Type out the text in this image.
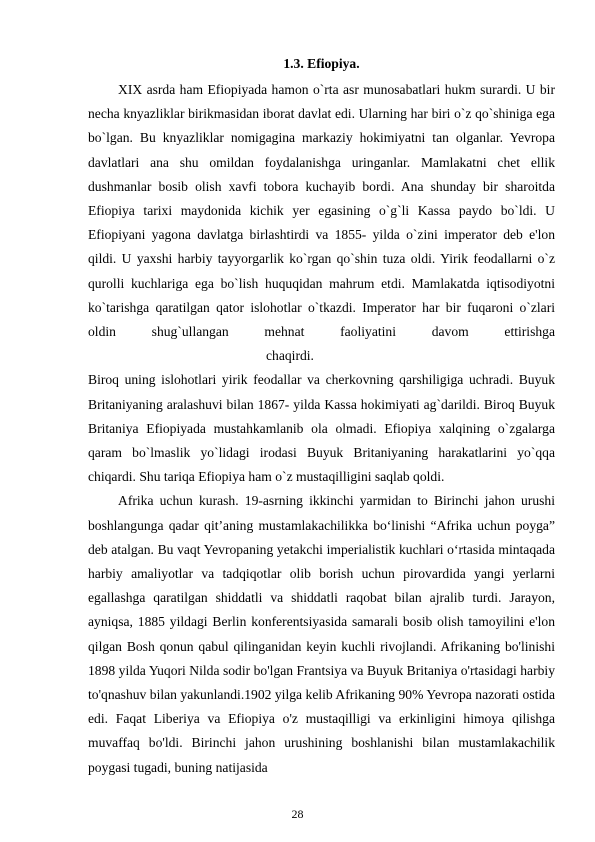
1.3. Efiopiya.

XIX asrda ham Efiopiyada hamon o`rta asr munosabatlari hukm surardi. U bir necha knyazliklar birikmasidan iborat davlat edi. Ularning har biri o`z qo`shiniga ega bo`lgan. Bu knyazliklar nomigagina markaziy hokimiyatni tan olganlar. Yevropa davlatlari ana shu omildan foydalanishga uringanlar. Mamlakatni chet ellik dushmanlar bosib olish xavfi tobora kuchayib bordi. Ana shunday bir sharoitda Efiopiya tarixi maydonida kichik yer egasining o`g`li Kassa paydo bo`ldi. U Efiopiyani yagona davlatga birlashtirdi va 1855- yilda o`zini imperator deb e'lon qildi. U yaxshi harbiy tayyorgarlik ko`rgan qo`shin tuza oldi. Yirik feodallarni o`z qurolli kuchlariga ega bo`lish huquqidan mahrum etdi. Mamlakatda iqtisodiyotni ko`tarishga qaratilgan qator islohotlar o`tkazdi. Imperator har bir fuqaroni o`zlari oldin shug`ullangan mehnat faoliyatini davom ettirishgachaqirdi.

Biroq uning islohotlari yirik feodallar va cherkovning qarshiligiga uchradi. Buyuk Britaniyaning aralashuvi bilan 1867- yilda Kassa hokimiyati ag`darildi. Biroq Buyuk Britaniya Efiopiyada mustahkamlanib ola olmadi. Efiopiya xalqining o`zgalarga qaram bo`lmaslik yo`lidagi irodasi Buyuk Britaniyaning harakatlarini yo`qqa chiqardi. Shu tariqa Efiopiya ham o`z mustaqilligini saqlab qoldi.

Afrika uchun kurash. 19-asrning ikkinchi yarmidan to Birinchi jahon urushi boshlangunga qadar qit’aning mustamlakachilikka bo‘linishi “Afrika uchun poyga” deb atalgan. Bu vaqt Yevropaning yetakchi imperialistik kuchlari o‘rtasida mintaqada harbiy amaliyotlar va tadqiqotlar olib borish uchun pirovardida yangi yerlarni egallashga qaratilgan shiddatli va shiddatli raqobat bilan ajralib turdi. Jarayon, ayniqsa, 1885 yildagi Berlin konferentsiyasida samarali bosib olish tamoyilini e'lon qilgan Bosh qonun qabul qilinganidan keyin kuchli rivojlandi. Afrikaning bo'linishi 1898 yilda Yuqori Nilda sodir bo'lgan Frantsiya va Buyuk Britaniya o'rtasidagi harbiy to'qnashuv bilan yakunlandi.1902 yilga kelib Afrikaning 90% Yevropa nazorati ostida edi. Faqat Liberiya va Efiopiya o'z mustaqilligi va erkinligini himoya qilishga muvaffaq bo'ldi. Birinchi jahon urushining boshlanishi bilan mustamlakachilik poygasi tugadi, buning natijasida

28
